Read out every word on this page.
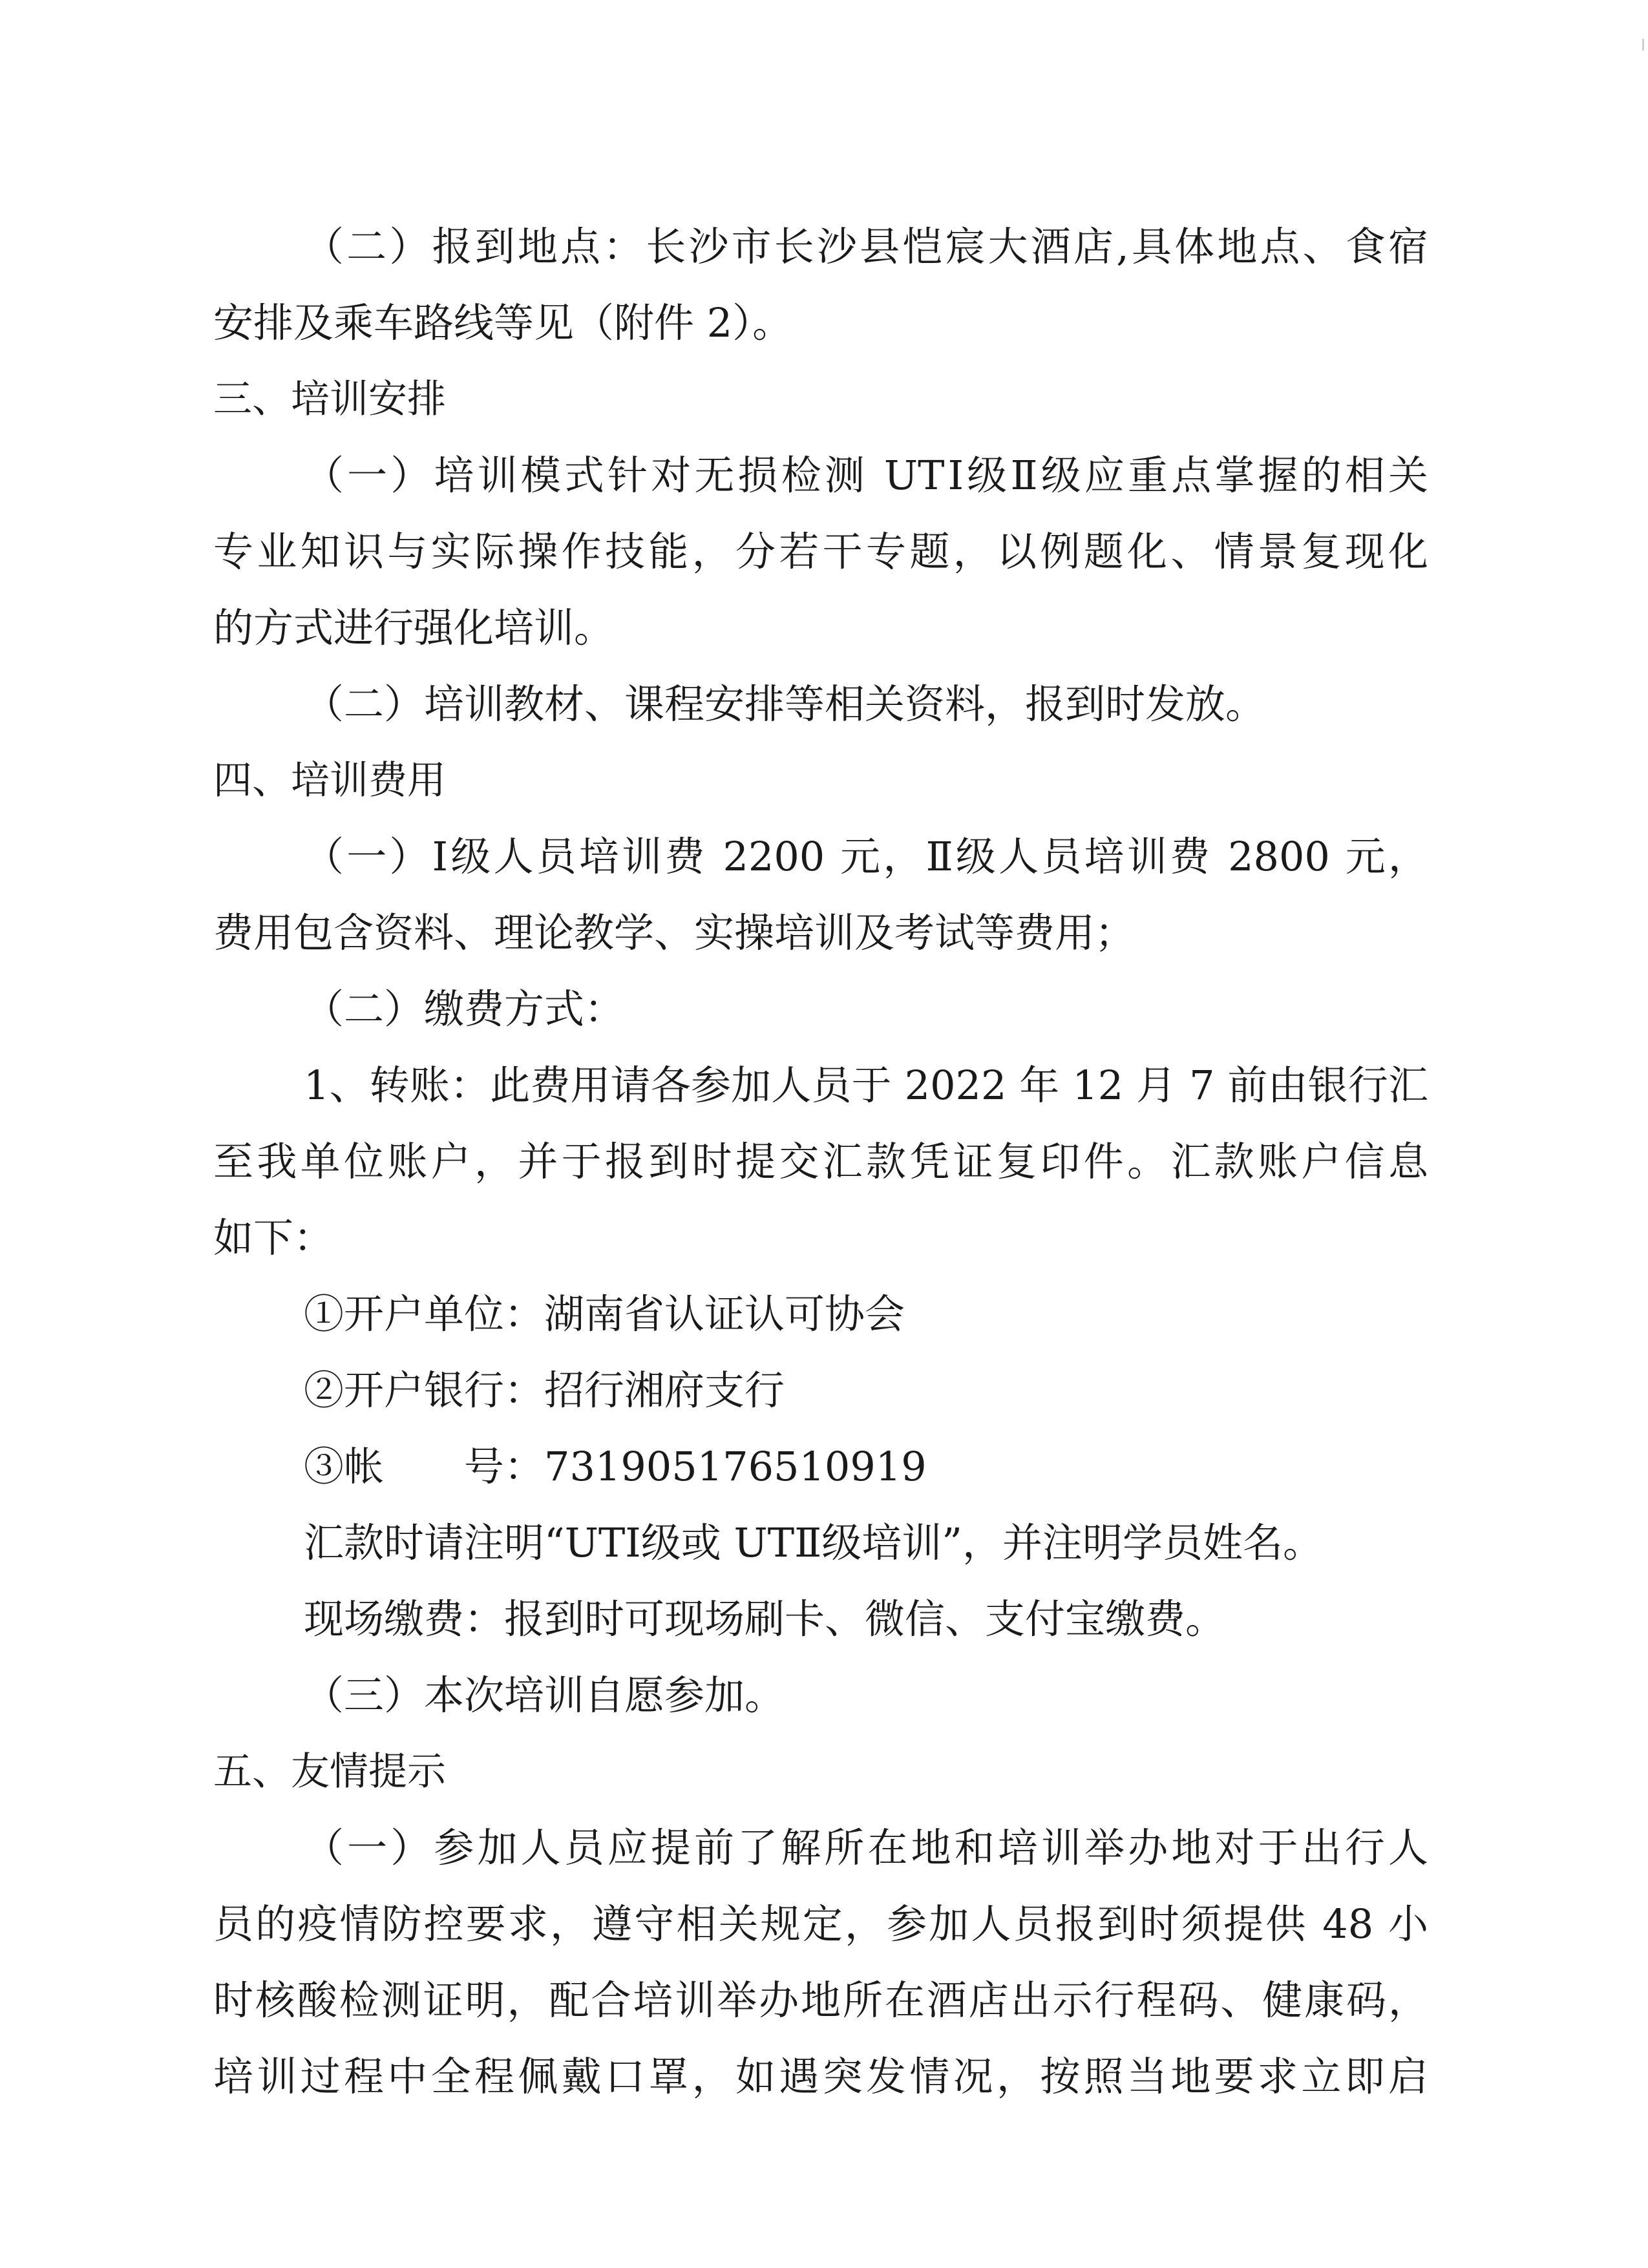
（二）报到地点：长沙市长沙县恺宸大酒店,具体地点、食宿
安排及乘车路线等见（附件 2）。
三、培训安排
（一）培训模式针对无损检测 UTⅠ级Ⅱ级应重点掌握的相关
专业知识与实际操作技能，分若干专题，以例题化、情景复现化
的方式进行强化培训。
（二）培训教材、课程安排等相关资料，报到时发放。
四、培训费用
（一）Ⅰ级人员培训费 2200 元，Ⅱ级人员培训费 2800 元，
费用包含资料、理论教学、实操培训及考试等费用；
（二）缴费方式：
1、转账：此费用请各参加人员于 2022 年 12 月 7 前由银行汇
至我单位账户，并于报到时提交汇款凭证复印件。汇款账户信息
如下：
①开户单位：湖南省认证认可协会
②开户银行：招行湘府支行
③帐　　号：731905176510919
汇款时请注明“UTⅠ级或 UTⅡ级培训”，并注明学员姓名。
现场缴费：报到时可现场刷卡、微信、支付宝缴费。
（三）本次培训自愿参加。
五、友情提示
（一）参加人员应提前了解所在地和培训举办地对于出行人
员的疫情防控要求，遵守相关规定，参加人员报到时须提供 48 小
时核酸检测证明，配合培训举办地所在酒店出示行程码、健康码，
培训过程中全程佩戴口罩，如遇突发情况，按照当地要求立即启
